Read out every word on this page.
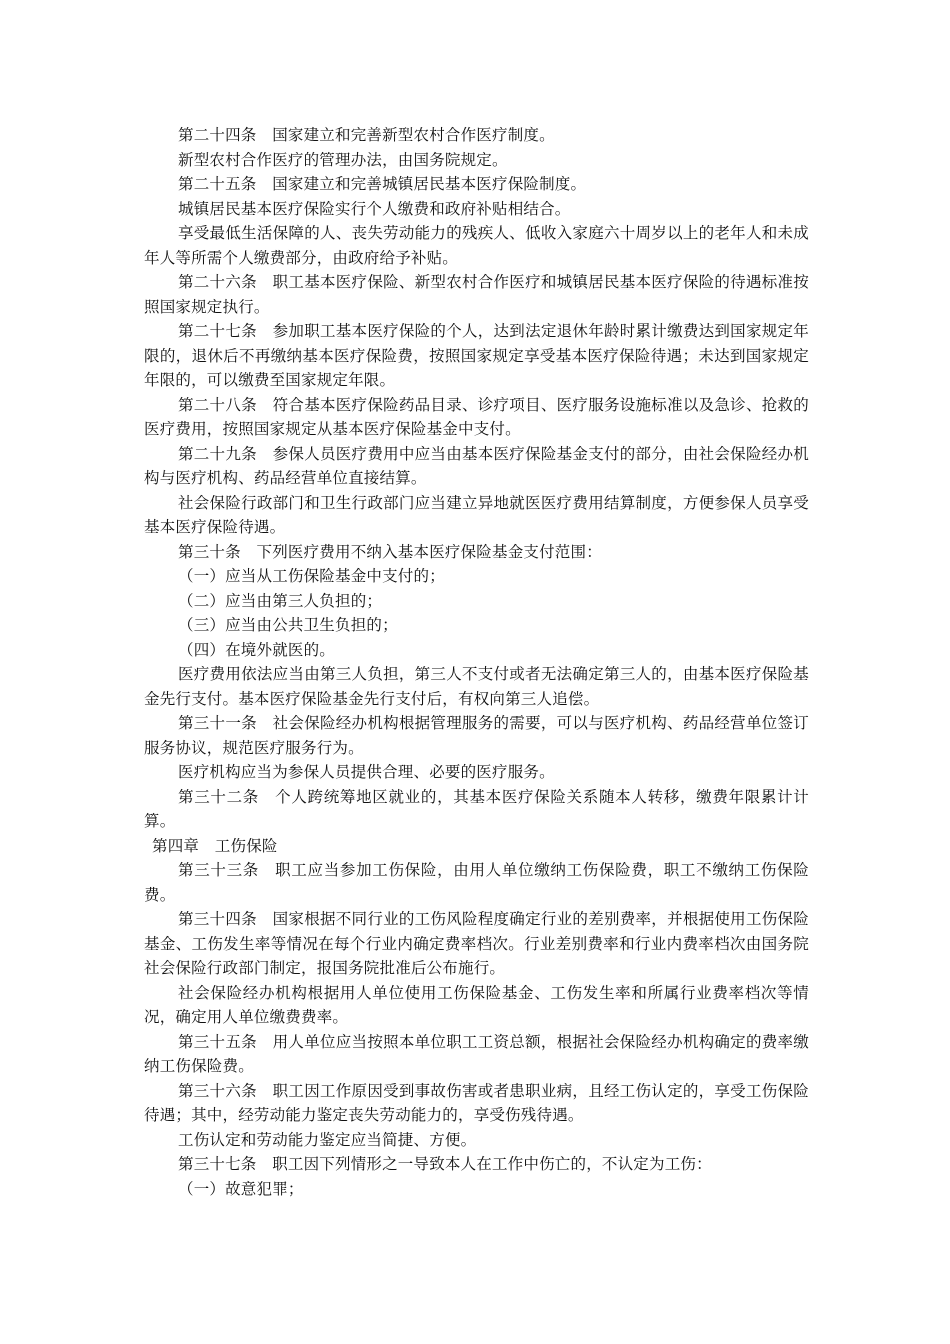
第二十四条　国家建立和完善新型农村合作医疗制度。

新型农村合作医疗的管理办法，由国务院规定。

第二十五条　国家建立和完善城镇居民基本医疗保险制度。

城镇居民基本医疗保险实行个人缴费和政府补贴相结合。

享受最低生活保障的人、丧失劳动能力的残疾人、低收入家庭六十周岁以上的老年人和未成年人等所需个人缴费部分，由政府给予补贴。

第二十六条　职工基本医疗保险、新型农村合作医疗和城镇居民基本医疗保险的待遇标准按照国家规定执行。

第二十七条　参加职工基本医疗保险的个人，达到法定退休年龄时累计缴费达到国家规定年限的，退休后不再缴纳基本医疗保险费，按照国家规定享受基本医疗保险待遇；未达到国家规定年限的，可以缴费至国家规定年限。

第二十八条　符合基本医疗保险药品目录、诊疗项目、医疗服务设施标准以及急诊、抢救的医疗费用，按照国家规定从基本医疗保险基金中支付。

第二十九条　参保人员医疗费用中应当由基本医疗保险基金支付的部分，由社会保险经办机构与医疗机构、药品经营单位直接结算。

社会保险行政部门和卫生行政部门应当建立异地就医医疗费用结算制度，方便参保人员享受基本医疗保险待遇。

第三十条　下列医疗费用不纳入基本医疗保险基金支付范围：

（一）应当从工伤保险基金中支付的；

（二）应当由第三人负担的；

（三）应当由公共卫生负担的；

（四）在境外就医的。

医疗费用依法应当由第三人负担，第三人不支付或者无法确定第三人的，由基本医疗保险基金先行支付。基本医疗保险基金先行支付后，有权向第三人追偿。

第三十一条　社会保险经办机构根据管理服务的需要，可以与医疗机构、药品经营单位签订服务协议，规范医疗服务行为。

医疗机构应当为参保人员提供合理、必要的医疗服务。

第三十二条　个人跨统筹地区就业的，其基本医疗保险关系随本人转移，缴费年限累计计算。

第四章　工伤保险

第三十三条　职工应当参加工伤保险，由用人单位缴纳工伤保险费，职工不缴纳工伤保险费。

第三十四条　国家根据不同行业的工伤风险程度确定行业的差别费率，并根据使用工伤保险基金、工伤发生率等情况在每个行业内确定费率档次。行业差别费率和行业内费率档次由国务院社会保险行政部门制定，报国务院批准后公布施行。

社会保险经办机构根据用人单位使用工伤保险基金、工伤发生率和所属行业费率档次等情况，确定用人单位缴费费率。

第三十五条　用人单位应当按照本单位职工工资总额，根据社会保险经办机构确定的费率缴纳工伤保险费。

第三十六条　职工因工作原因受到事故伤害或者患职业病，且经工伤认定的，享受工伤保险待遇；其中，经劳动能力鉴定丧失劳动能力的，享受伤残待遇。

工伤认定和劳动能力鉴定应当简捷、方便。

第三十七条　职工因下列情形之一导致本人在工作中伤亡的，不认定为工伤：

（一）故意犯罪；
